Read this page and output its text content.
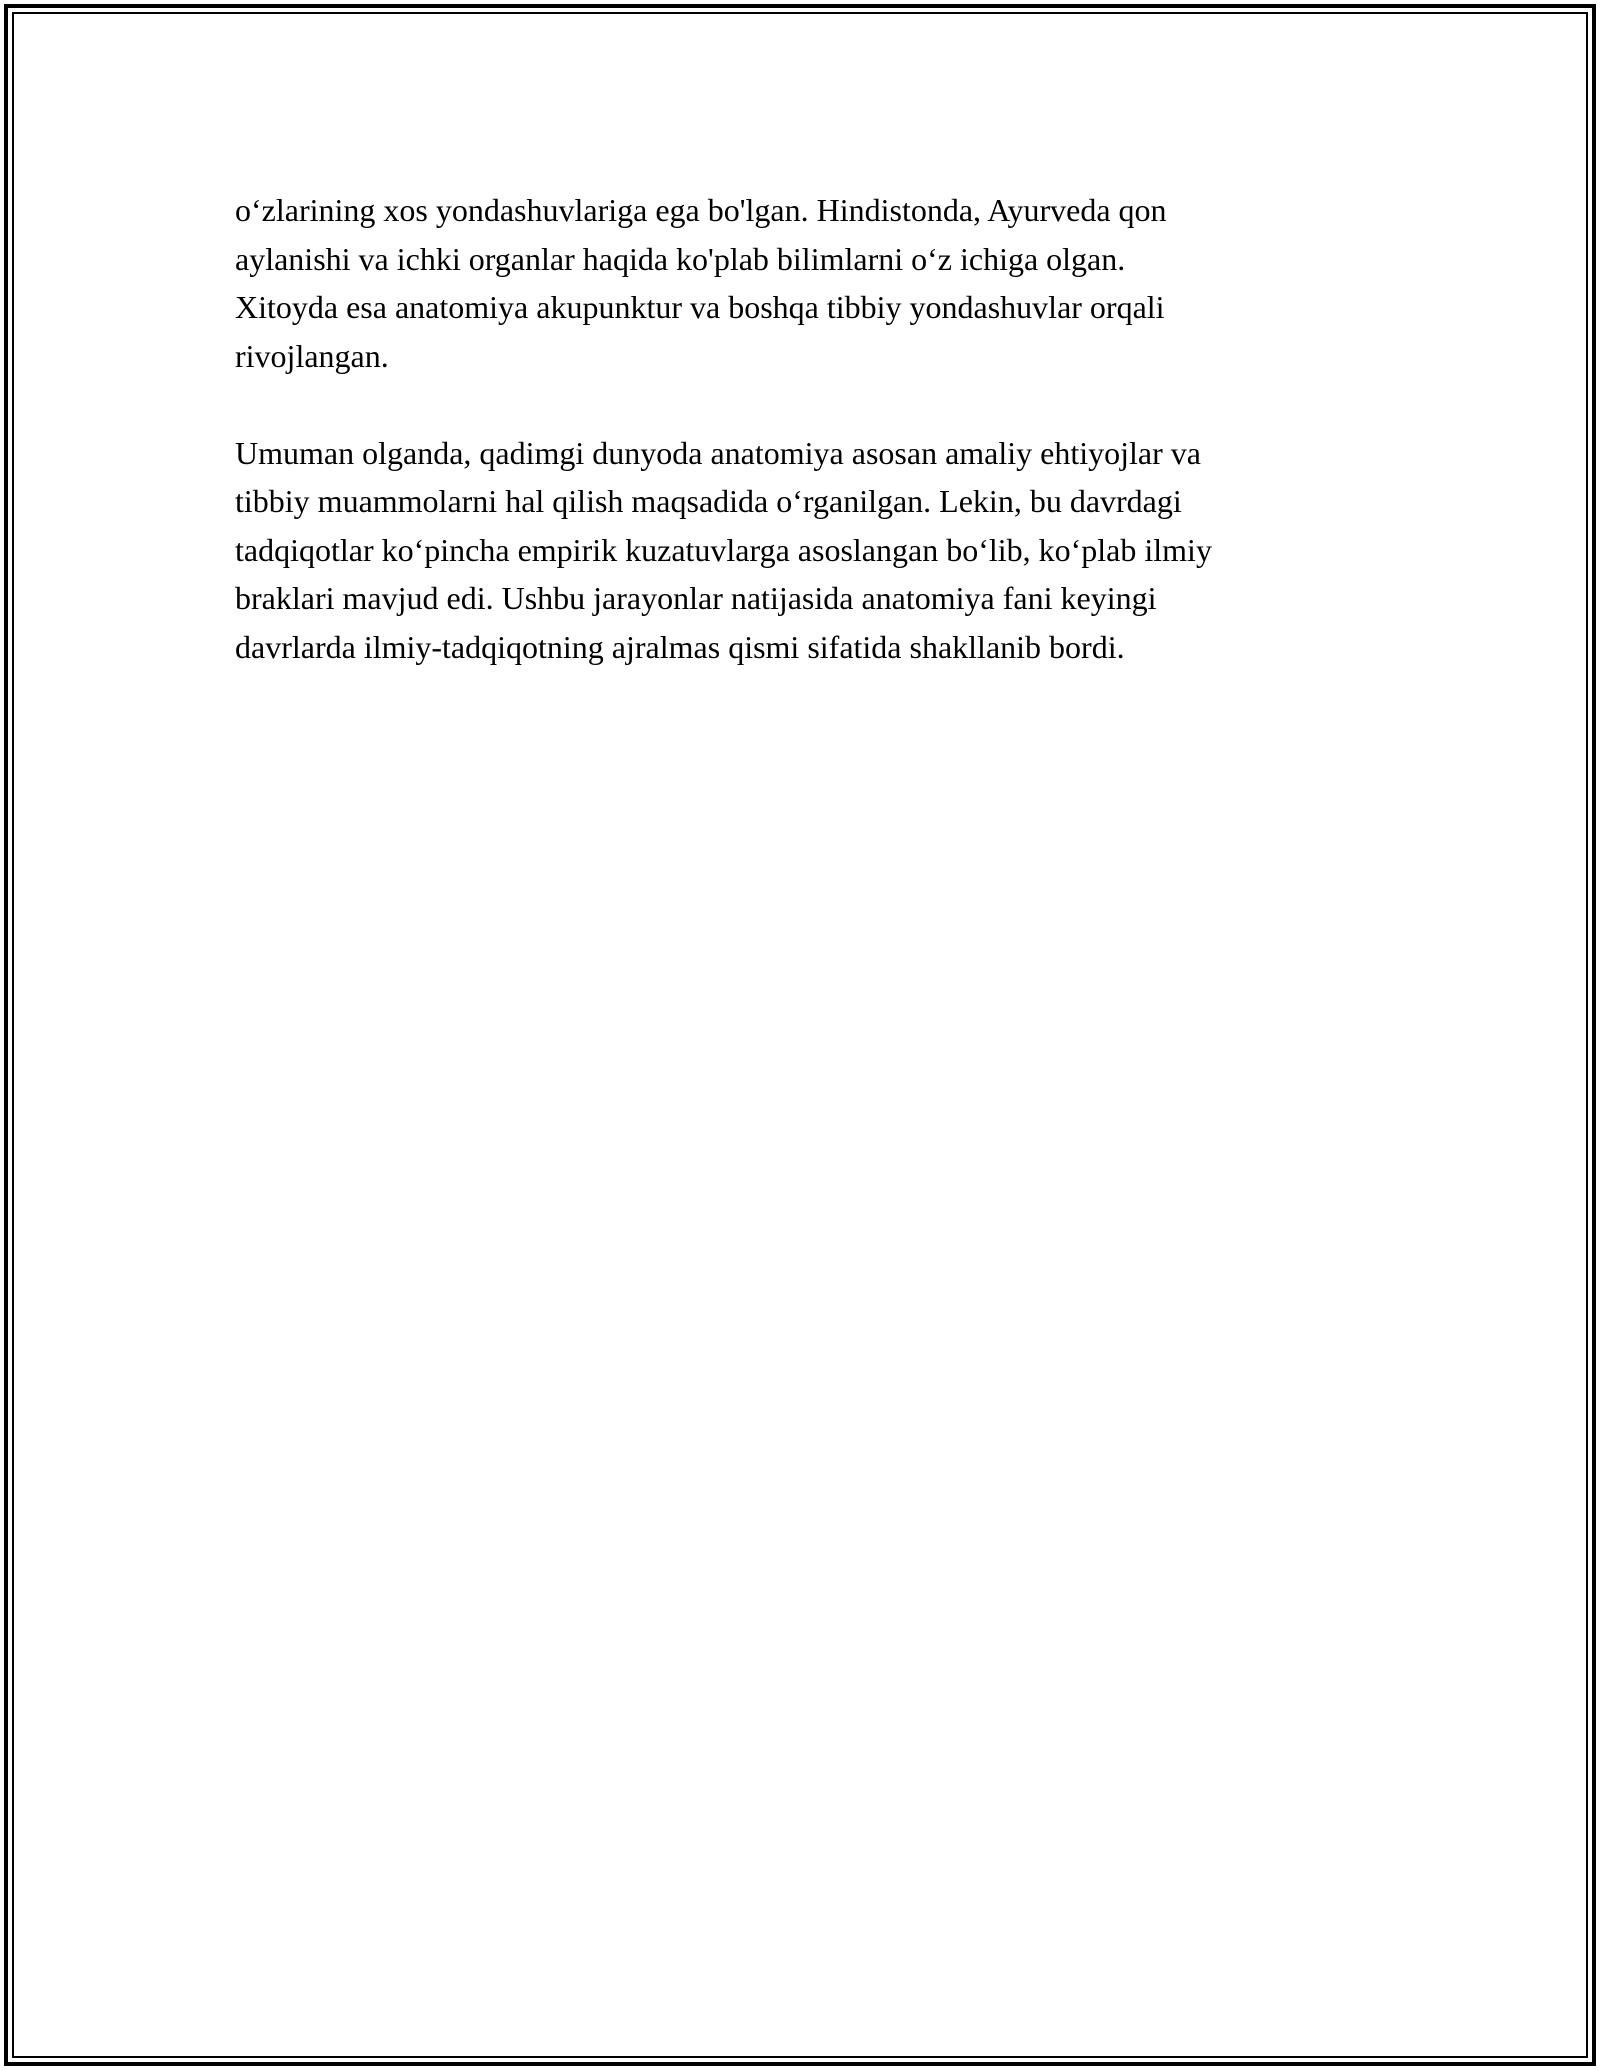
o‘zlarining xos yondashuvlariga ega bo'lgan. Hindistonda, Ayurveda qon
aylanishi va ichki organlar haqida ko'plab bilimlarni o‘z ichiga olgan.
Xitoyda esa anatomiya akupunktur va boshqa tibbiy yondashuvlar orqali
rivojlangan.

Umuman olganda, qadimgi dunyoda anatomiya asosan amaliy ehtiyojlar va
tibbiy muammolarni hal qilish maqsadida o‘rganilgan. Lekin, bu davrdagi
tadqiqotlar ko‘pincha empirik kuzatuvlarga asoslangan bo‘lib, ko‘plab ilmiy
braklari mavjud edi. Ushbu jarayonlar natijasida anatomiya fani keyingi
davrlarda ilmiy-tadqiqotning ajralmas qismi sifatida shakllanib bordi.
